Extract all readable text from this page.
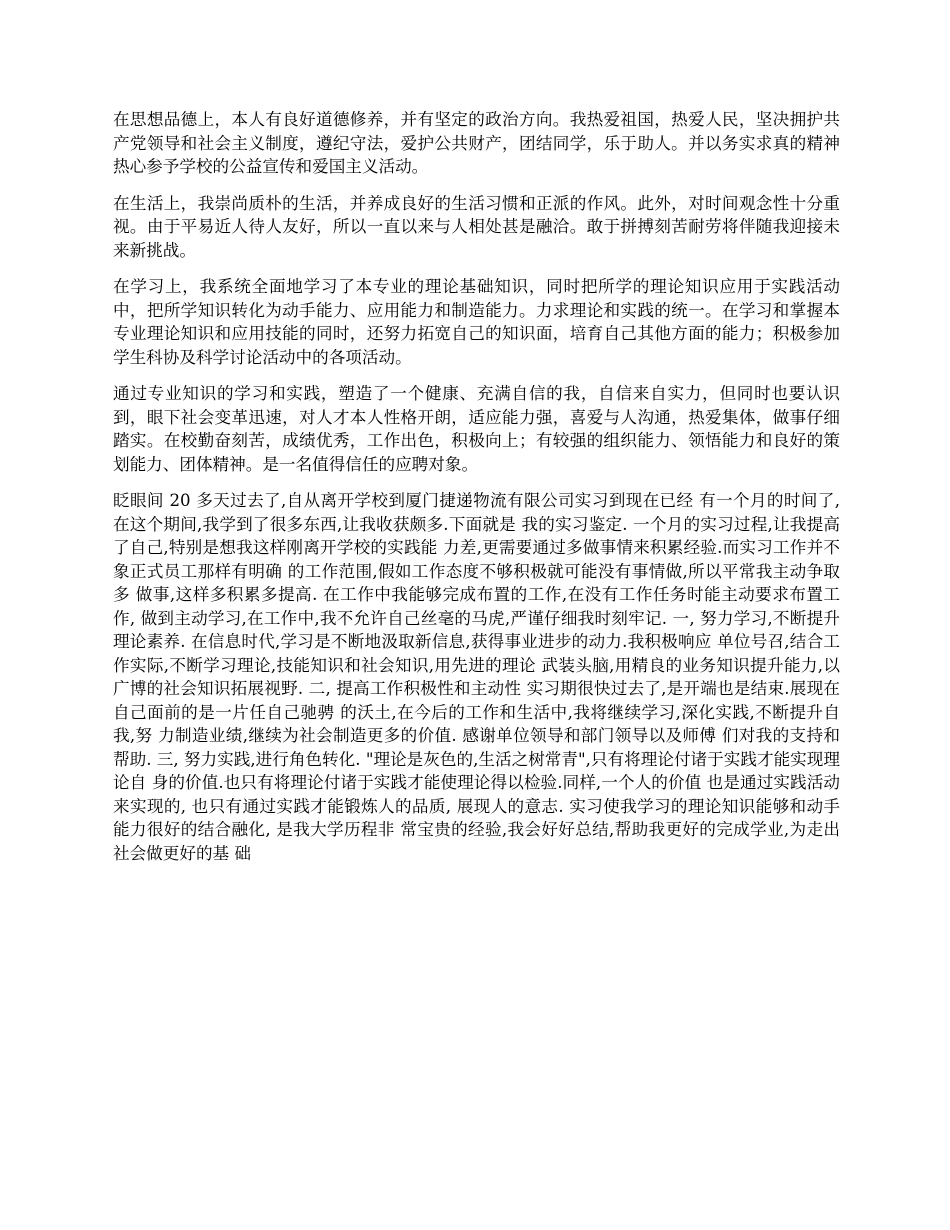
在思想品德上，本人有良好道德修养，并有坚定的政治方向。我热爱祖国，热爱人民，坚决拥护共产党领导和社会主义制度，遵纪守法，爱护公共财产，团结同学，乐于助人。并以务实求真的精神热心参予学校的公益宣传和爱国主义活动。

在生活上，我崇尚质朴的生活，并养成良好的生活习惯和正派的作风。此外，对时间观念性十分重视。由于平易近人待人友好，所以一直以来与人相处甚是融洽。敢于拼搏刻苦耐劳将伴随我迎接未来新挑战。

在学习上，我系统全面地学习了本专业的理论基础知识，同时把所学的理论知识应用于实践活动中，把所学知识转化为动手能力、应用能力和制造能力。力求理论和实践的统一。在学习和掌握本专业理论知识和应用技能的同时，还努力拓宽自己的知识面，培育自己其他方面的能力；积极参加学生科协及科学讨论活动中的各项活动。

通过专业知识的学习和实践，塑造了一个健康、充满自信的我，自信来自实力，但同时也要认识到，眼下社会变革迅速，对人才本人性格开朗，适应能力强，喜爱与人沟通，热爱集体，做事仔细踏实。在校勤奋刻苦，成绩优秀，工作出色，积极向上；有较强的组织能力、领悟能力和良好的策划能力、团体精神。是一名值得信任的应聘对象。

眨眼间 20 多天过去了,自从离开学校到厦门捷递物流有限公司实习到现在已经 有一个月的时间了,在这个期间,我学到了很多东西,让我收获颇多.下面就是 我的实习鉴定. 一个月的实习过程,让我提高了自己,特别是想我这样刚离开学校的实践能 力差,更需要通过多做事情来积累经验.而实习工作并不象正式员工那样有明确 的工作范围,假如工作态度不够积极就可能没有事情做,所以平常我主动争取多 做事,这样多积累多提高. 在工作中我能够完成布置的工作,在没有工作任务时能主动要求布置工作, 做到主动学习,在工作中,我不允许自己丝毫的马虎,严谨仔细我时刻牢记. 一, 努力学习,不断提升理论素养. 在信息时代,学习是不断地汲取新信息,获得事业进步的动力.我积极响应 单位号召,结合工作实际,不断学习理论,技能知识和社会知识,用先进的理论 武装头脑,用精良的业务知识提升能力,以广博的社会知识拓展视野. 二, 提高工作积极性和主动性 实习期很快过去了,是开端也是结束.展现在自己面前的是一片任自己驰骋 的沃土,在今后的工作和生活中,我将继续学习,深化实践,不断提升自我,努 力制造业绩,继续为社会制造更多的价值. 感谢单位领导和部门领导以及师傅 们对我的支持和帮助. 三, 努力实践,进行角色转化. "理论是灰色的,生活之树常青",只有将理论付诸于实践才能实现理论自 身的价值.也只有将理论付诸于实践才能使理论得以检验.同样,一个人的价值 也是通过实践活动来实现的, 也只有通过实践才能锻炼人的品质, 展现人的意志. 实习使我学习的理论知识能够和动手能力很好的结合融化, 是我大学历程非 常宝贵的经验,我会好好总结,帮助我更好的完成学业,为走出社会做更好的基 础
